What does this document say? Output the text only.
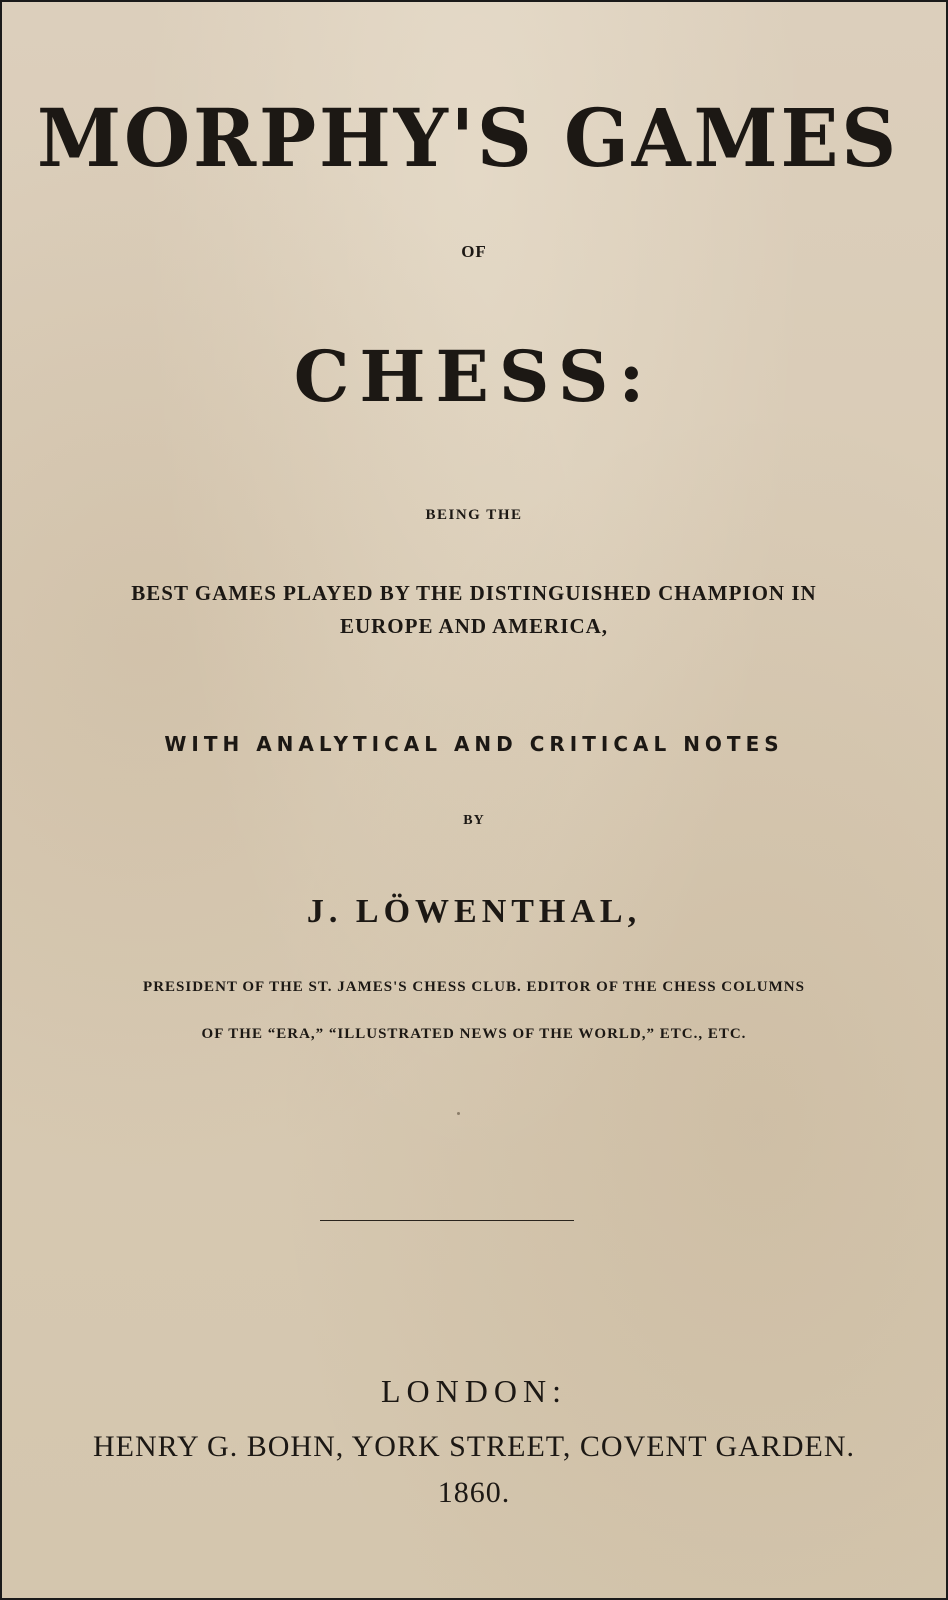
MORPHY'S GAMES
OF
CHESS:
BEING THE
BEST GAMES PLAYED BY THE DISTINGUISHED CHAMPION IN
EUROPE AND AMERICA,
WITH ANALYTICAL AND CRITICAL NOTES
BY
J. LÖWENTHAL,
PRESIDENT OF THE ST. JAMES'S CHESS CLUB. EDITOR OF THE CHESS COLUMNS
OF THE “ERA,” “ILLUSTRATED NEWS OF THE WORLD,” ETC., ETC.
LONDON:
HENRY G. BOHN, YORK STREET, COVENT GARDEN.
1860.
